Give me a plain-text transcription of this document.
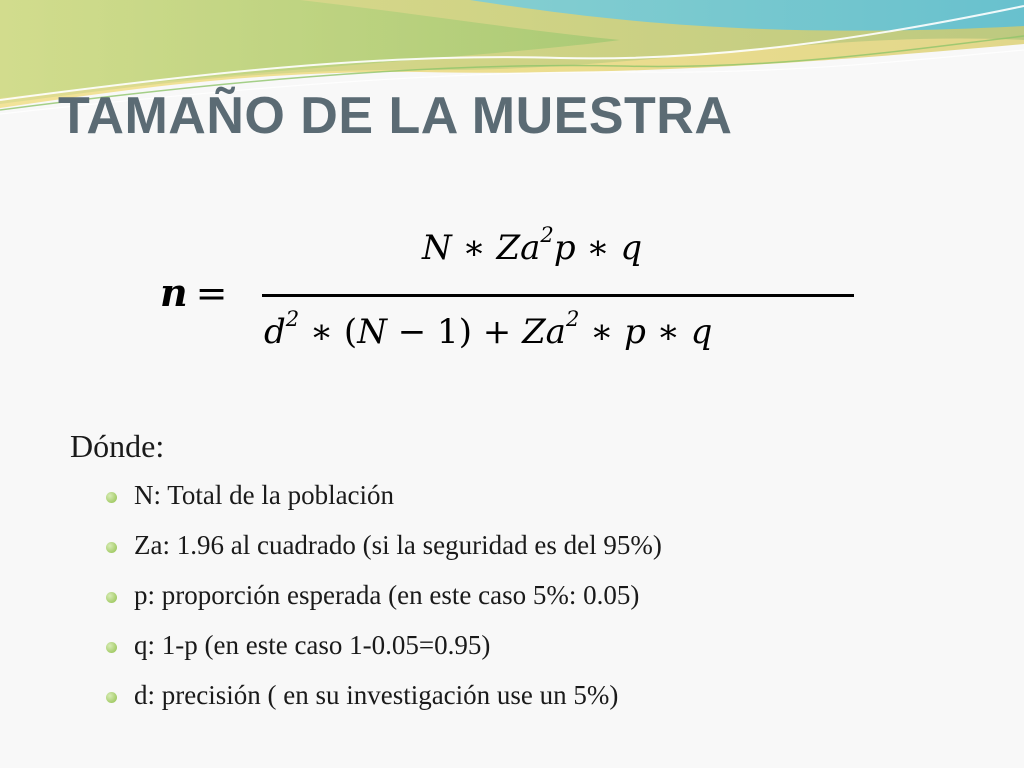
TAMAÑO DE LA MUESTRA
n =
N ∗ Za$^2$p ∗ q
$d^2$ ∗ $(N - 1) + Za^2$ ∗ p ∗ q
Dónde:
N: Total de la población
Za: 1.96 al cuadrado (si la seguridad es del 95%)
p: proporción esperada (en este caso 5%: 0.05)
q: 1-p (en este caso 1-0.05=0.95)
d: precisión ( en su investigación use un 5%)
